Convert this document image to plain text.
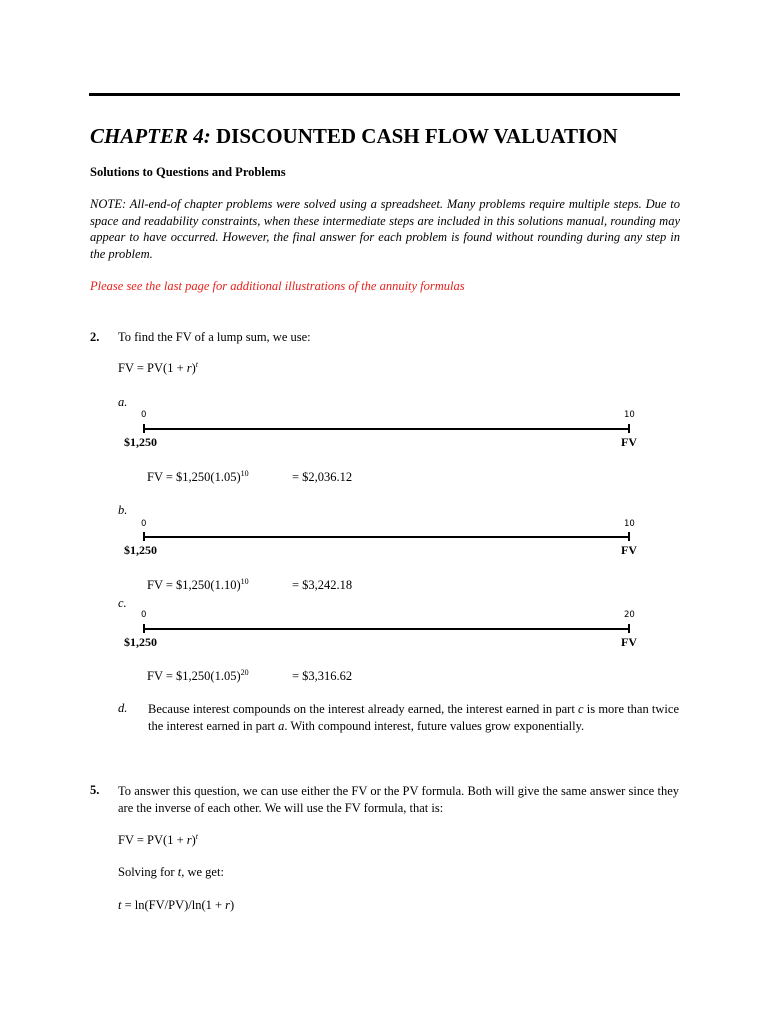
CHAPTER 4: DISCOUNTED CASH FLOW VALUATION
Solutions to Questions and Problems
NOTE: All-end-of chapter problems were solved using a spreadsheet. Many problems require multiple steps. Due to space and readability constraints, when these intermediate steps are included in this solutions manual, rounding may appear to have occurred. However, the final answer for each problem is found without rounding during any step in the problem.
Please see the last page for additional illustrations of the annuity formulas
2. To find the FV of a lump sum, we use:
FV = $PV(1 + r)^t$
a.
0	10
$1,250	FV
FV = $\$1,250(1.05)^{10}$	= $2,036.12
b.
0	10
$1,250	FV
FV = $\$1,250(1.10)^{10}$	= $3,242.18
c.
0	20
$1,250	FV
FV = $\$1,250(1.05)^{20}$	= $3,316.62
d. Because interest compounds on the interest already earned, the interest earned in part c is more than twice the interest earned in part a. With compound interest, future values grow exponentially.
5. To answer this question, we can use either the FV or the PV formula. Both will give the same answer since they are the inverse of each other. We will use the FV formula, that is:
FV = $PV(1 + r)^t$
Solving for t, we get:
t = ln(FV/PV)/ln(1 + r)
